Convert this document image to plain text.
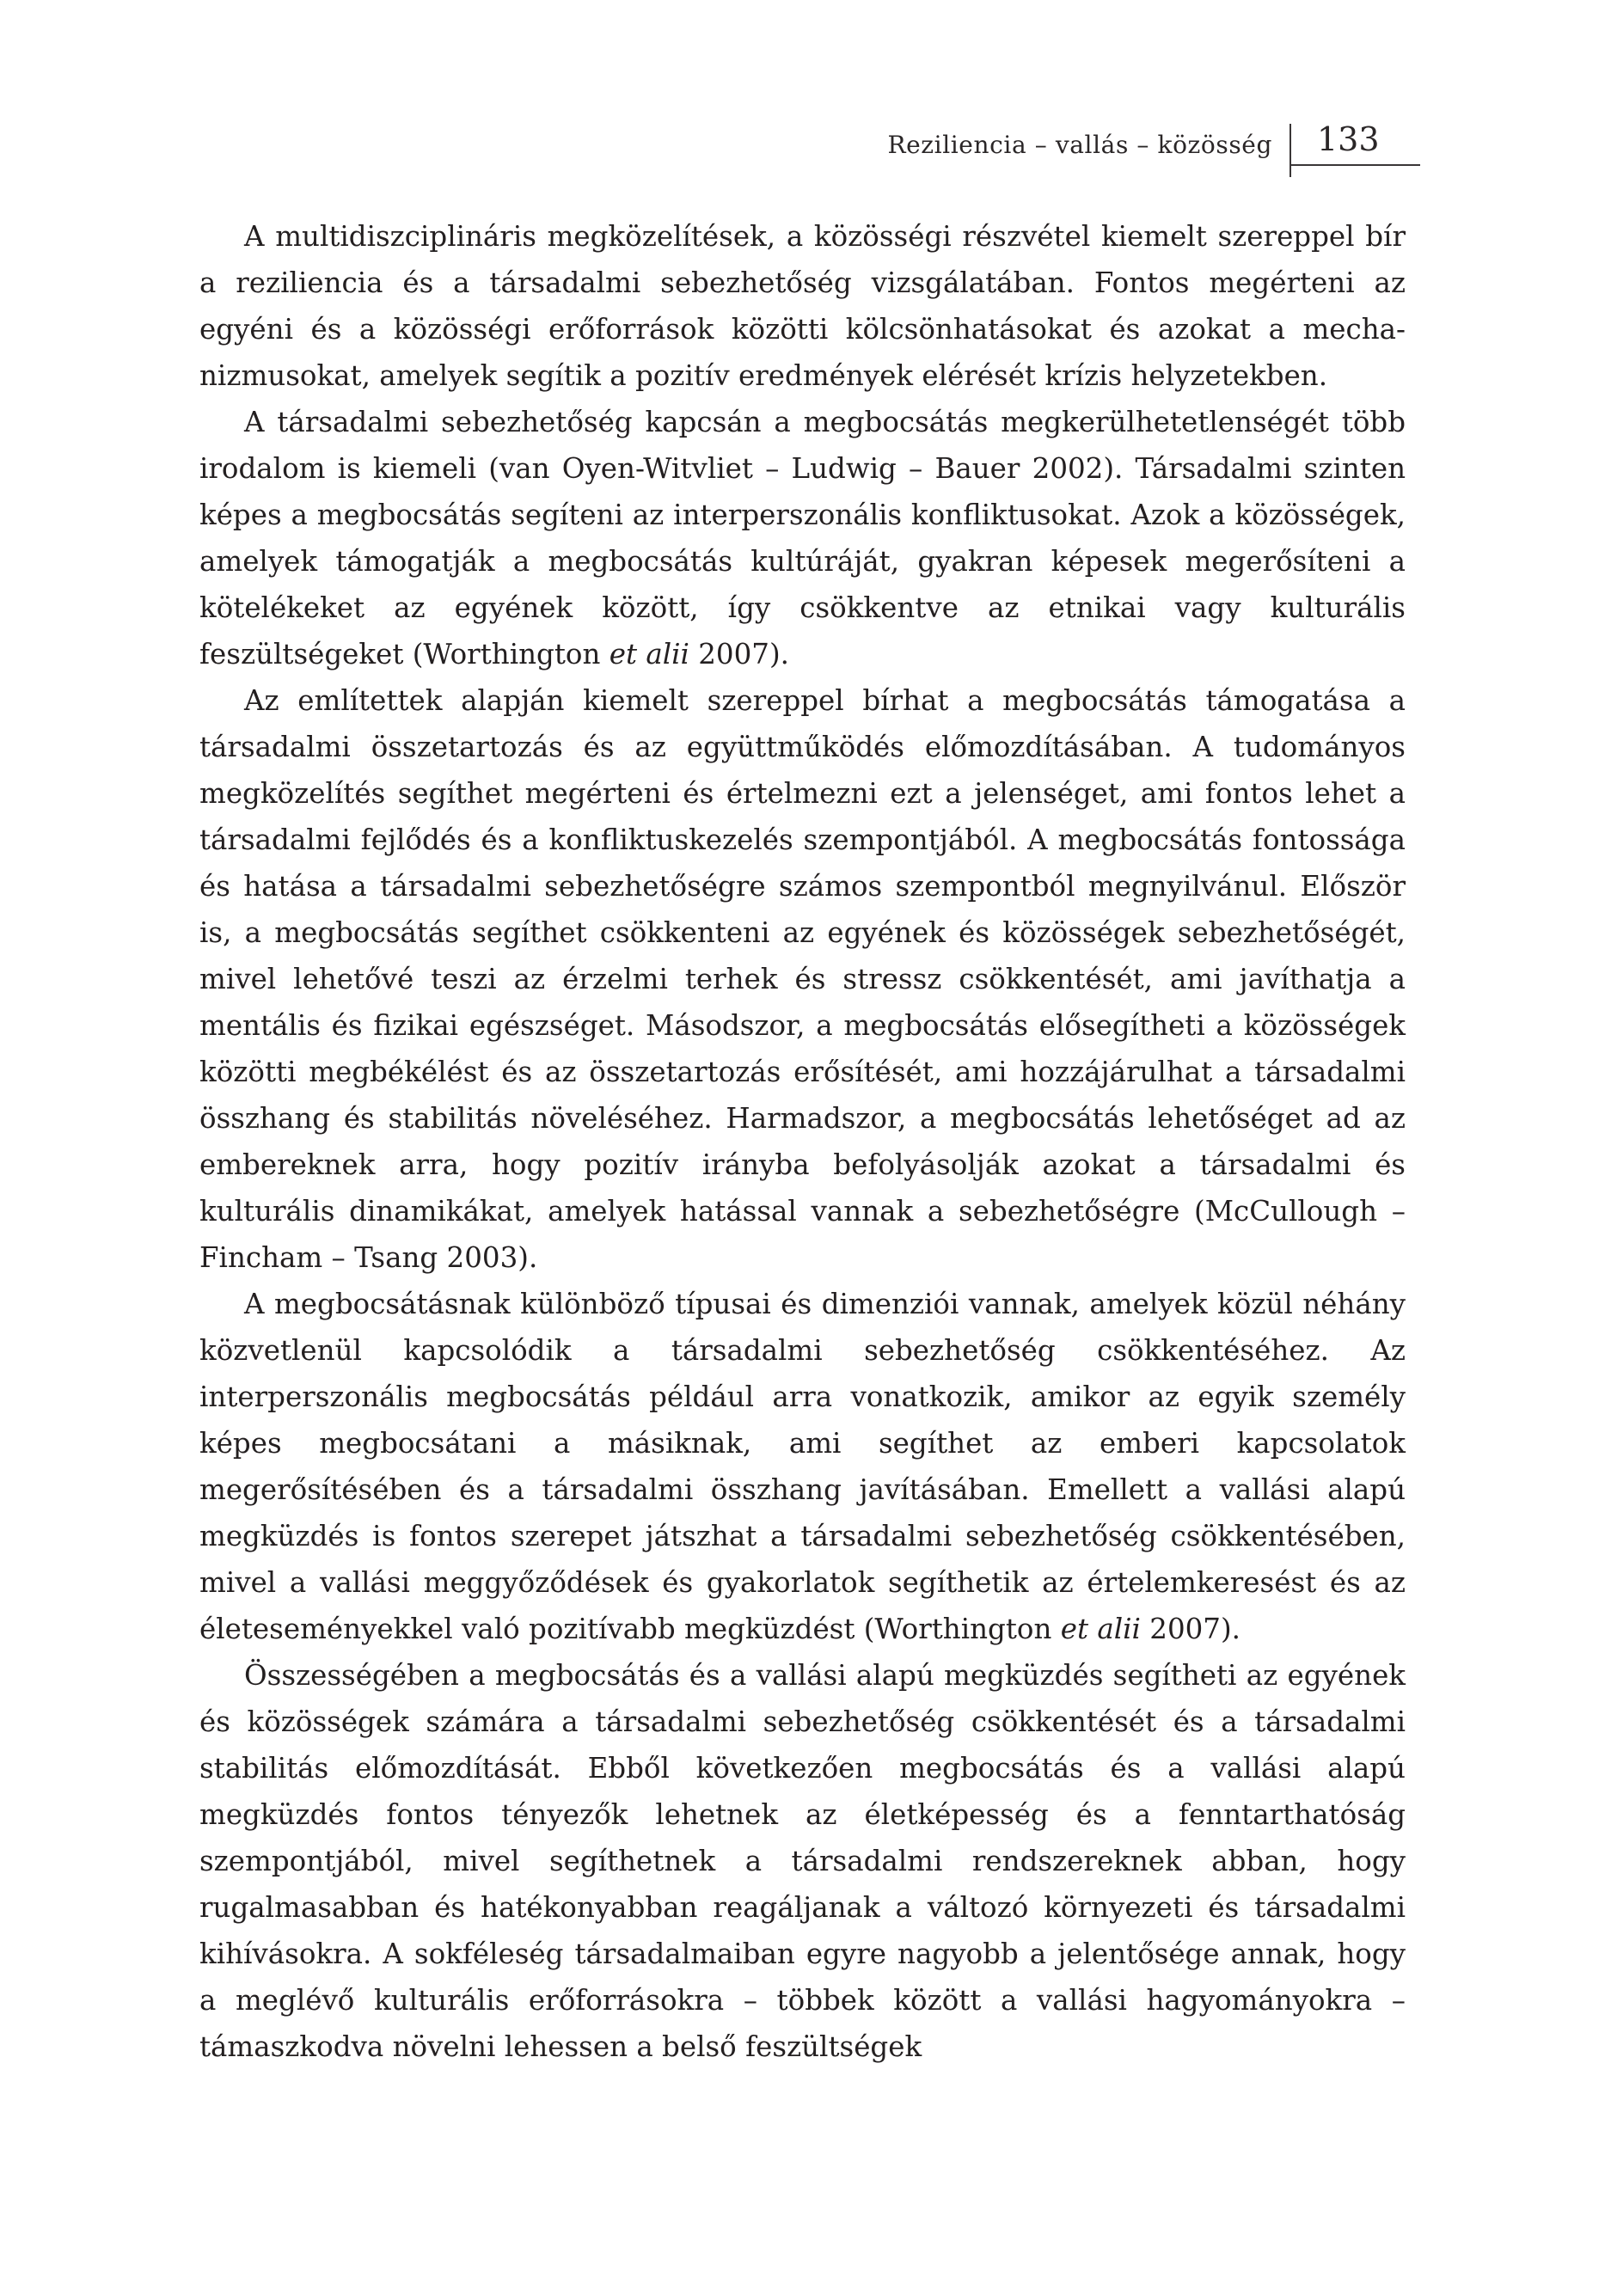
Reziliencia – vallás – közösség 133

A multidiszciplináris megközelítések, a közösségi részvétel kiemelt szereppel bír a reziliencia és a társadalmi sebezhetőség vizsgálatában. Fontos megérteni az egyéni és a közösségi erőforrások közötti kölcsönhatásokat és azokat a mechanizmusokat, amelyek segítik a pozitív eredmények elérését krízis helyzetekben.

A társadalmi sebezhetőség kapcsán a megbocsátás megkerülhetetlenségét több irodalom is kiemeli (van Oyen-Witvliet – Ludwig – Bauer 2002). Társadalmi szinten képes a megbocsátás segíteni az interperszonális konfliktusokat. Azok a közösségek, amelyek támogatják a megbocsátás kultúráját, gyakran képesek megerősíteni a kötelékeket az egyének között, így csökkentve az etnikai vagy kulturális feszültségeket (Worthington et alii 2007).

Az említettek alapján kiemelt szereppel bírhat a megbocsátás támogatása a társadalmi összetartozás és az együttműködés előmozdításában. A tudományos megközelítés segíthet megérteni és értelmezni ezt a jelenséget, ami fontos lehet a társadalmi fejlődés és a konfliktuskezelés szempontjából. A megbocsátás fontossága és hatása a társadalmi sebezhetőségre számos szempontból megnyilvánul. Először is, a megbocsátás segíthet csökkenteni az egyének és közösségek sebezhetőségét, mivel lehetővé teszi az érzelmi terhek és stressz csökkentését, ami javíthatja a mentális és fizikai egészséget. Másodszor, a megbocsátás elősegítheti a közösségek közötti megbékélést és az összetartozás erősítését, ami hozzájárulhat a társadalmi összhang és stabilitás növeléséhez. Harmadszor, a megbocsátás lehetőséget ad az embereknek arra, hogy pozitív irányba befolyásolják azokat a társadalmi és kulturális dinamikákat, amelyek hatással vannak a sebezhetőségre (McCullough – Fincham – Tsang 2003).

A megbocsátásnak különböző típusai és dimenziói vannak, amelyek közül néhány közvetlenül kapcsolódik a társadalmi sebezhetőség csökkentéséhez. Az interperszonális megbocsátás például arra vonatkozik, amikor az egyik személy képes megbocsátani a másiknak, ami segíthet az emberi kapcsolatok megerősítésében és a társadalmi összhang javításában. Emellett a vallási alapú megküzdés is fontos szerepet játszhat a társadalmi sebezhetőség csökkentésében, mivel a vallási meggyőződések és gyakorlatok segíthetik az értelemkeresést és az életeseményekkel való pozitívabb megküzdést (Worthington et alii 2007).

Összességében a megbocsátás és a vallási alapú megküzdés segítheti az egyének és közösségek számára a társadalmi sebezhetőség csökkentését és a társadalmi stabilitás előmozdítását. Ebből következően megbocsátás és a vallási alapú megküzdés fontos tényezők lehetnek az életképesség és a fenntarthatóság szempontjából, mivel segíthetnek a társadalmi rendszereknek abban, hogy rugalmasabban és hatékonyabban reagáljanak a változó környezeti és társadalmi kihívásokra. A sokféleség társadalmaiban egyre nagyobb a jelentősége annak, hogy a meglévő kulturális erőforrásokra – többek között a vallási hagyományokra – támaszkodva növelni lehessen a belső feszültségek
